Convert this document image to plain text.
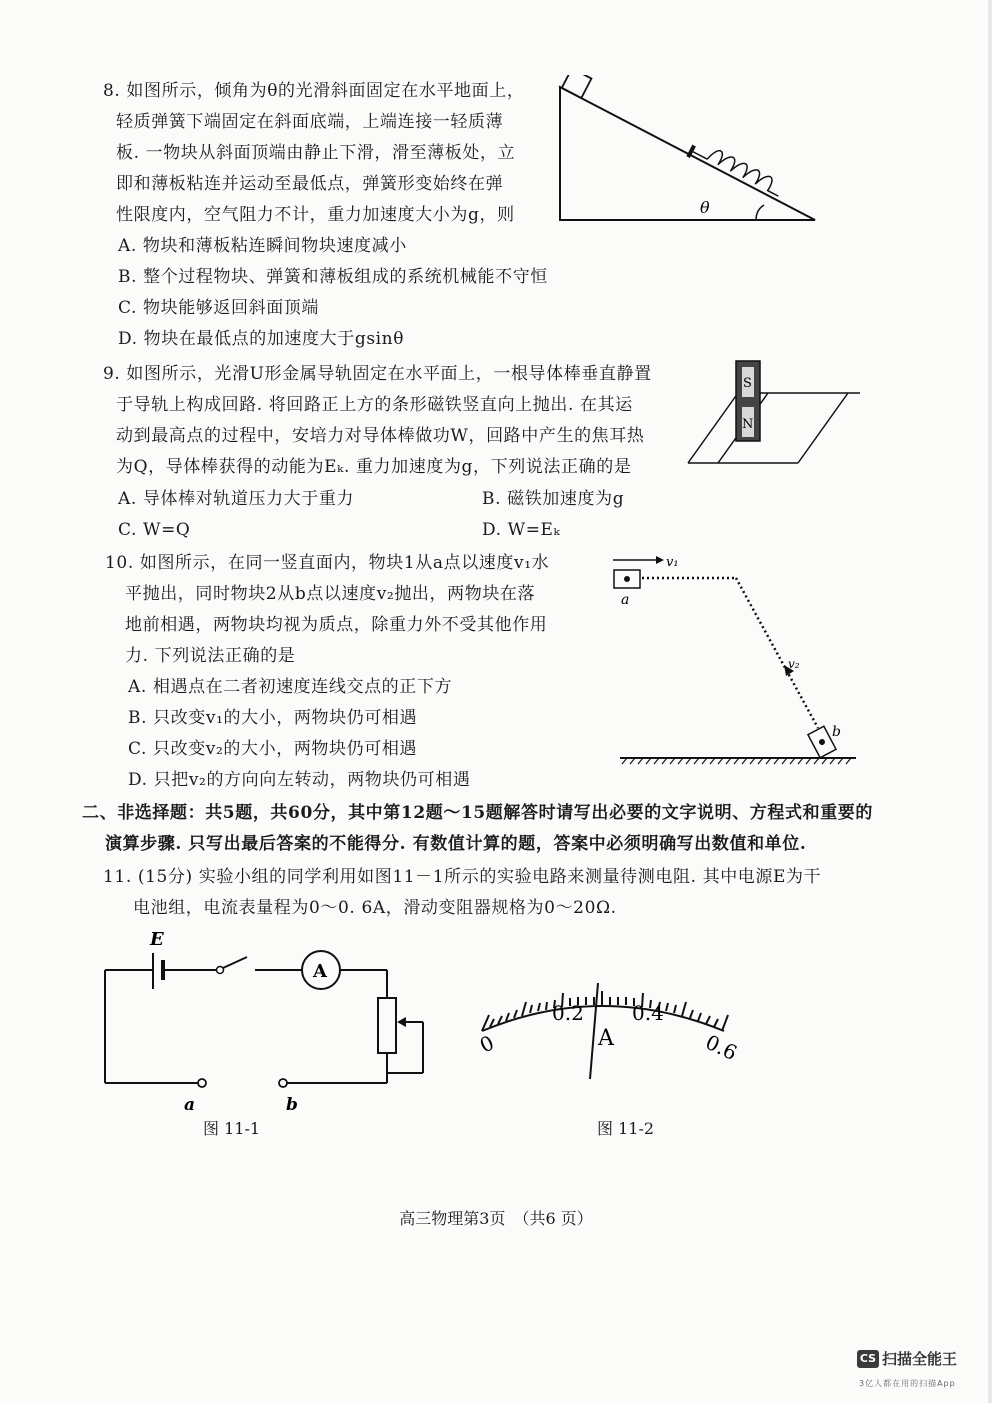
8. 如图所示，倾角为θ的光滑斜面固定在水平地面上，
轻质弹簧下端固定在斜面底端，上端连接一轻质薄
板. 一物块从斜面顶端由静止下滑，滑至薄板处，立
即和薄板粘连并运动至最低点，弹簧形变始终在弹
性限度内，空气阻力不计，重力加速度大小为g，则
A. 物块和薄板粘连瞬间物块速度减小
B. 整个过程物块、弹簧和薄板组成的系统机械能不守恒
C. 物块能够返回斜面顶端
D. 物块在最低点的加速度大于gsinθ
θ
9. 如图所示，光滑U形金属导轨固定在水平面上，一根导体棒垂直静置
于导轨上构成回路. 将回路正上方的条形磁铁竖直向上抛出. 在其运
动到最高点的过程中，安培力对导体棒做功W，回路中产生的焦耳热
为Q，导体棒获得的动能为Eₖ. 重力加速度为g，下列说法正确的是
A. 导体棒对轨道压力大于重力	B. 磁铁加速度为g
C. W=Q	D. W=Eₖ
S
N
10. 如图所示，在同一竖直面内，物块1从a点以速度v₁水
平抛出，同时物块2从b点以速度v₂抛出，两物块在落
地前相遇，两物块均视为质点，除重力外不受其他作用
力. 下列说法正确的是
A. 相遇点在二者初速度连线交点的正下方
B. 只改变v₁的大小，两物块仍可相遇
C. 只改变v₂的大小，两物块仍可相遇
D. 只把v₂的方向向左转动，两物块仍可相遇
v₁
a
v₂
b
二、非选择题：共5题，共60分，其中第12题～15题解答时请写出必要的文字说明、方程式和重要的
演算步骤. 只写出最后答案的不能得分. 有数值计算的题，答案中必须明确写出数值和单位.
11. (15分) 实验小组的同学利用如图11－1所示的实验电路来测量待测电阻. 其中电源E为干
电池组，电流表量程为0～0. 6A，滑动变阻器规格为0～20Ω.
E
A
a	b
图 11-1
0
0.2 0.4
0.6
A
图 11-2
高三物理第3页　（共6 页）
CS 扫描全能王
3亿人都在用的扫描App
